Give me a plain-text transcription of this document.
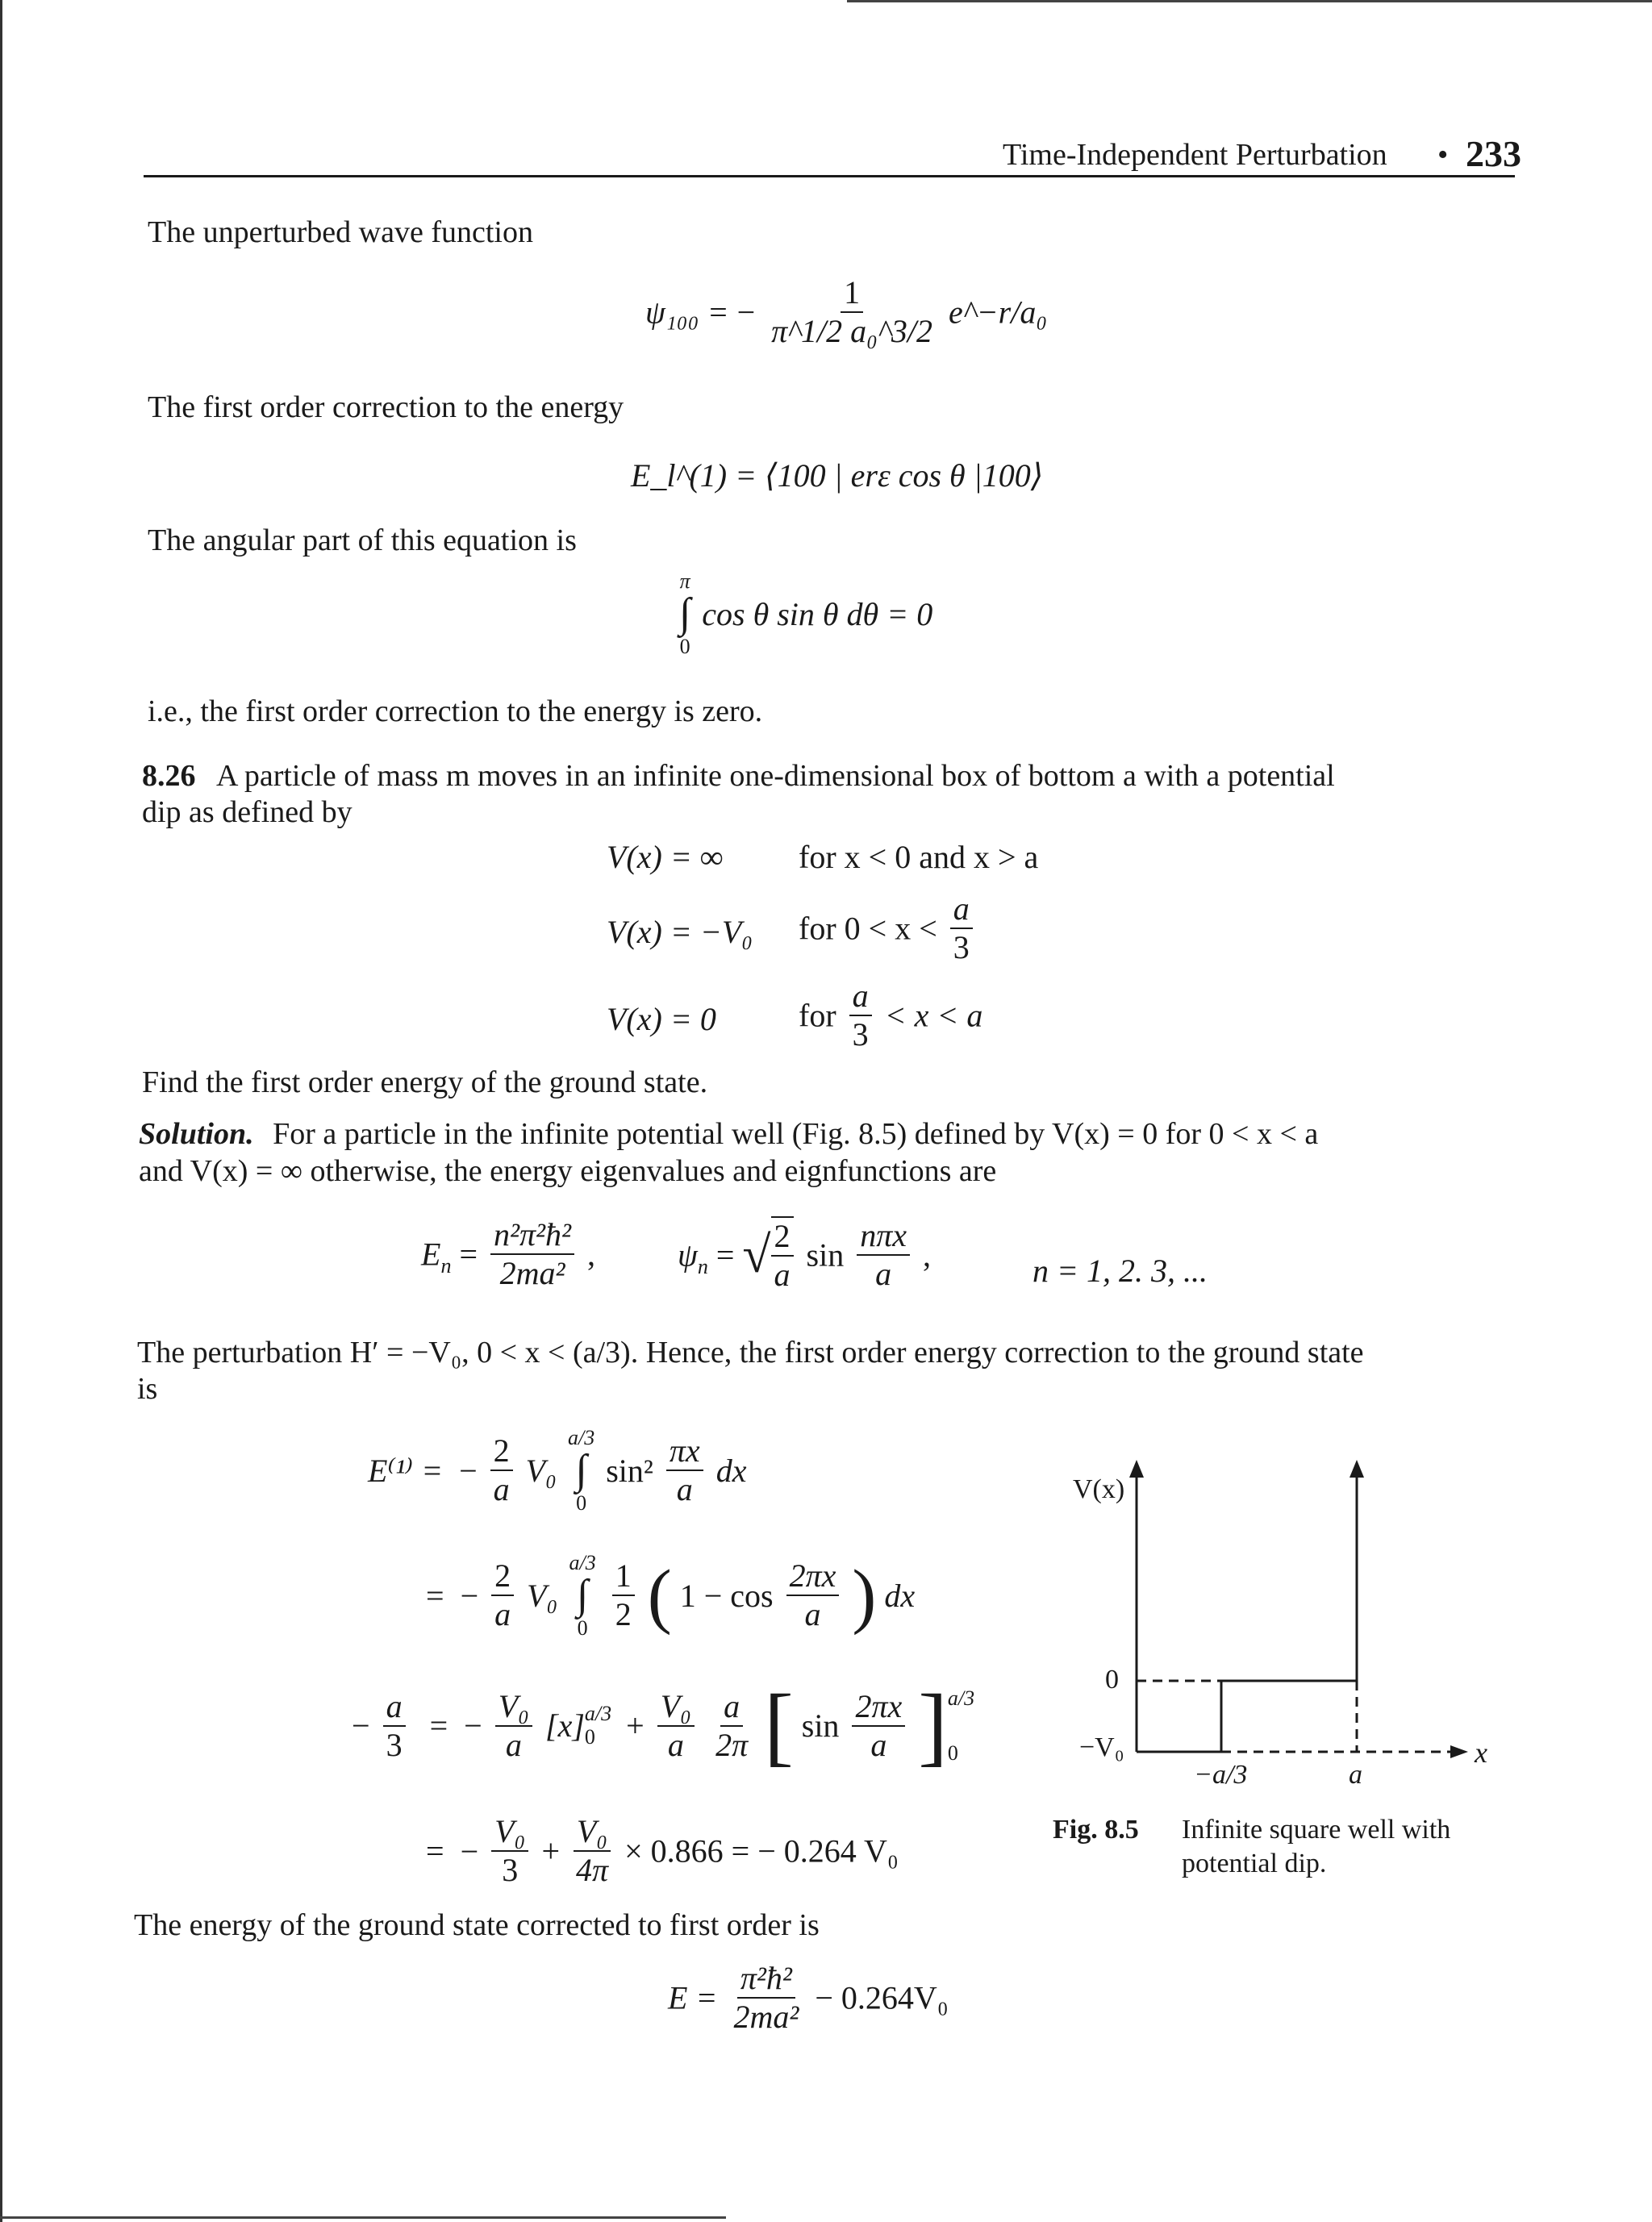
Time-Independent Perturbation • 233
The unperturbed wave function
ψ₁₀₀ = − $\frac{1}{\text{π\textasciicircum{}1/2 a₀\textasciicircum{}3/2}}$ e^−r/a₀
The first order correction to the energy
E_l^(1) = ⟨100 | erε cos θ |100⟩
The angular part of this equation is
π
∫
0
cos θ sin θ dθ = 0
i.e., the first order correction to the energy is zero.
8.26 A particle of mass m moves in an infinite one-dimensional box of bottom a with a potential
dip as defined by
V(x) = ∞ for x < 0 and x > a
V(x) = −V₀ for $0 < x < \frac{a}{3}$
V(x) = 0	for $\frac{a}{3} < x < a$
Find the first order energy of the ground state.
Solution. For a particle in the infinite potential well (Fig. 8.5) defined by V(x) = 0 for 0 < x < a
and V(x) = ∞ otherwise, the energy eigenvalues and eignfunctions are
$E_n = \frac{\text{n²π²ħ²}}{\text{2ma²}}$ ,	$\psi_n$ = √ $\frac{2}{a}$ $\sin \frac{\text{nπx}}{a}$ ,	n = 1, 2. 3, ...
The perturbation H′ = −V₀, 0 < x < (a/3). Hence, the first order energy correction to the ground state
is
E⁽¹⁾ = − $\frac{2}{a} V_0$
a/3
∫
0
$\sin^2 \frac{\pi x}{a}$ dx
= − $\frac{2}{a} V_0$
a/3
∫
0
$\frac{1}{2}$ ( $1 - \cos \frac{2\pi x}{a}$ ) dx
− $\frac{a}{3}$ = − $\frac{\text{V₀}}{a} [x]$ a/3
$0 + \frac{\text{V₀}}{a}$
$\frac{a}{2\pi}$ [ $\sin \frac{2\pi x}{a}$ ] a/3
0
= − $\frac{\text{V₀}}{3} + \frac{\text{V₀}}{4\pi} \times 0.866$ = − 0.264 V₀
The energy of the ground state corrected to first order is
$E = \frac{\text{π²ħ²}}{\text{2ma²}} - 0.264V_0$
V(x)
0
−V₀
−a/3	a
x
Fig. 8.5 Infinite square well with
potential dip.
